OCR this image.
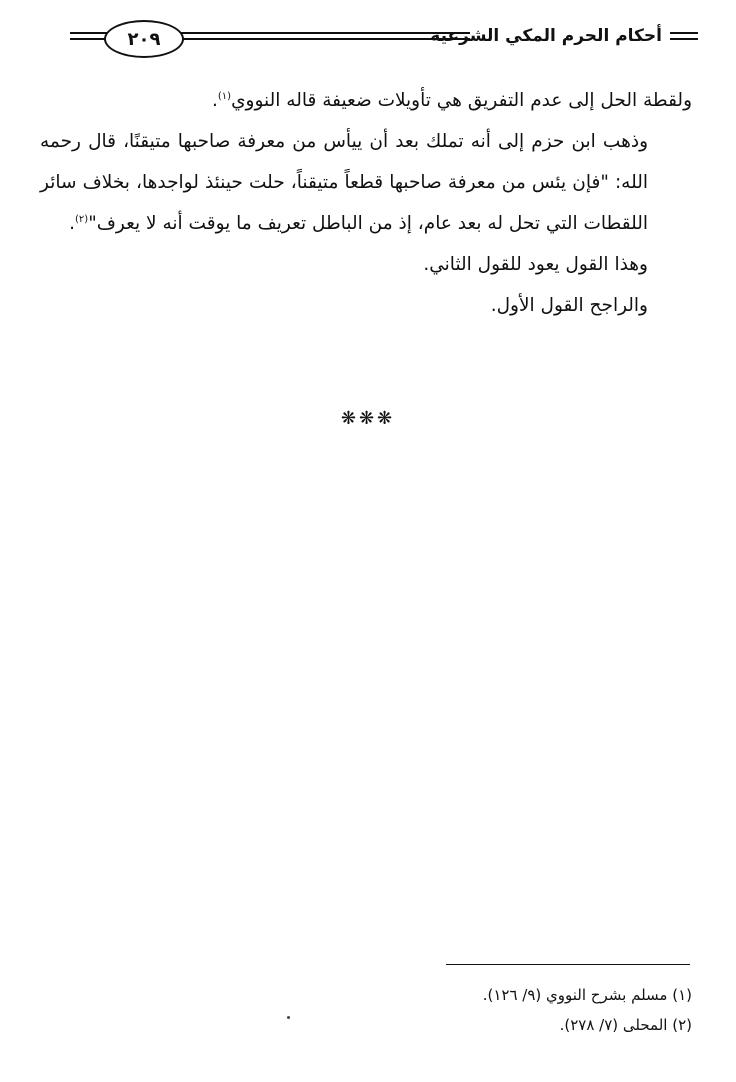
٢٠٩	أحكام الحرم المكي الشرعية

ولقطة الحل إلى عدم التفريق هي تأويلات ضعيفة قاله النووي$^{(١)}$.

وذهب ابن حزم إلى أنه تملك بعد أن ييأس من معرفة صاحبها متيقنًا، قال رحمه الله: "فإن يئس من معرفة صاحبها قطعاً متيقناً، حلت حينئذ لواجدها، بخلاف سائر اللقطات التي تحل له بعد عام، إذ من الباطل تعريف ما يوقت أنه لا يعرف"$^{(٢)}$.

وهذا القول يعود للقول الثاني.

والراجح القول الأول.

❋❋❋

(١) مسلم بشرح النووي (٩/ ١٢٦).

(٢) المحلى (٧/ ٢٧٨).
